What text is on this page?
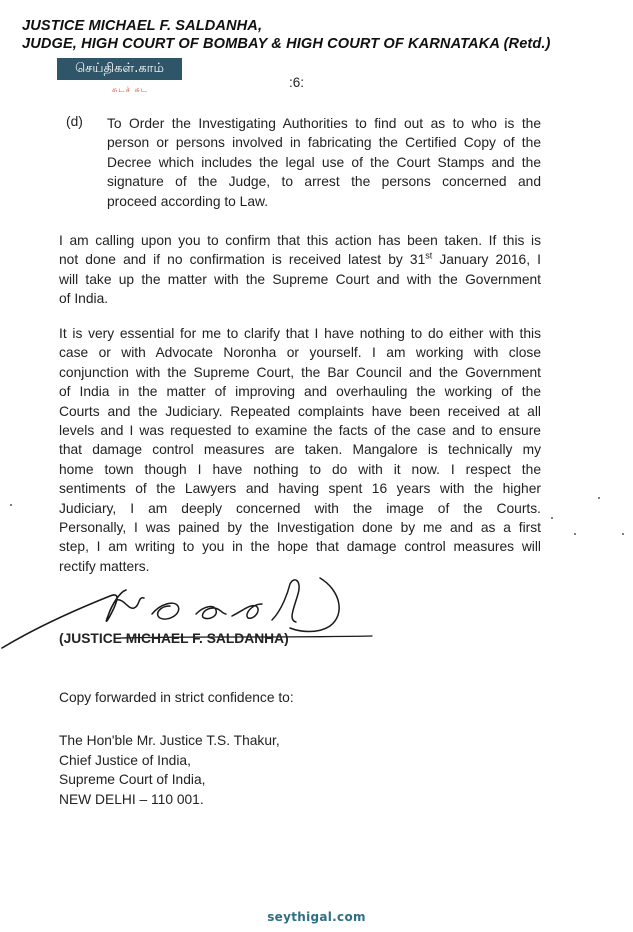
JUSTICE MICHAEL F. SALDANHA,
JUDGE, HIGH COURT OF BOMBAY & HIGH COURT OF KARNATAKA (Retd.)
செய்திகள்.காம்
சுடச் சுட	:6:
(d) To Order the Investigating Authorities to find out as to who is the
person or persons involved in fabricating the Certified Copy of the
Decree which includes the legal use of the Court Stamps and the
signature of the Judge, to arrest the persons concerned and
proceed according to Law.
I am calling upon you to confirm that this action has been taken. If this is
not done and if no confirmation is received latest by 31st January 2016, I
will take up the matter with the Supreme Court and with the Government
of India.
It is very essential for me to clarify that I have nothing to do either with this
case or with Advocate Noronha or yourself. I am working with close
conjunction with the Supreme Court, the Bar Council and the Government
of India in the matter of improving and overhauling the working of the
Courts and the Judiciary. Repeated complaints have been received at all
levels and I was requested to examine the facts of the case and to ensure
that damage control measures are taken. Mangalore is technically my
home town though I have nothing to do with it now. I respect the
sentiments of the Lawyers and having spent 16 years with the higher
Judiciary, I am deeply concerned with the image of the Courts.
Personally, I was pained by the Investigation done by me and as a first
step, I am writing to you in the hope that damage control measures will
rectify matters.
(JUSTICE MICHAEL F. SALDANHA)
Copy forwarded in strict confidence to:
The Hon'ble Mr. Justice T.S. Thakur,
Chief Justice of India,
Supreme Court of India,
NEW DELHI – 110 001.
seythigal.com
